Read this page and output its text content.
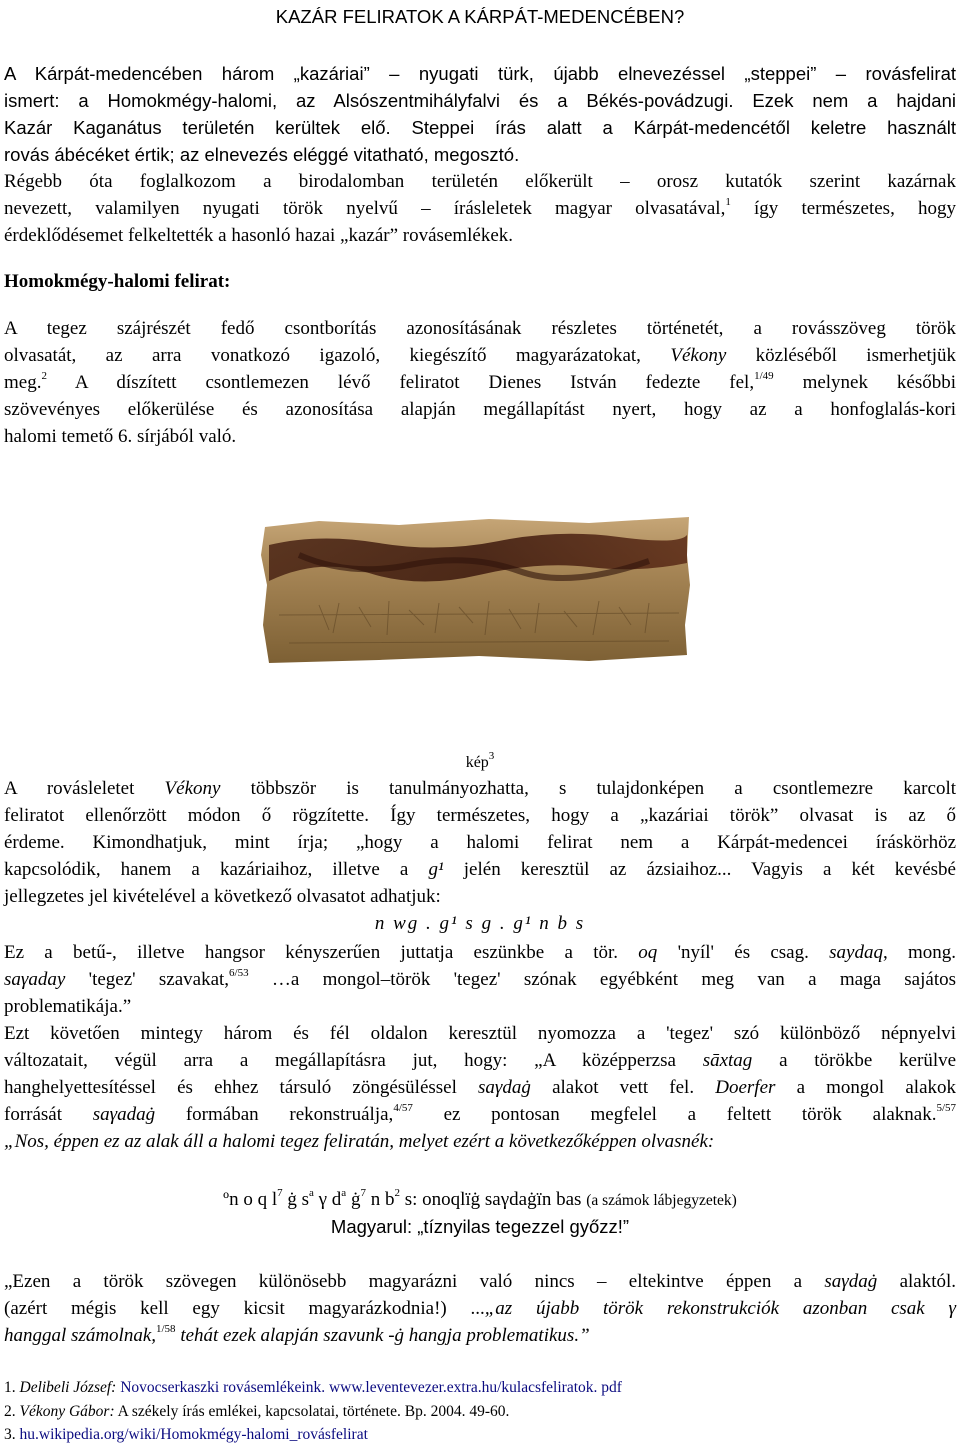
KAZÁR FELIRATOK A KÁRPÁT-MEDENCÉBEN?
A Kárpát-medencében három „kazáriai” – nyugati türk, újabb elnevezéssel „steppei” – rovásfelirat
ismert: a Homokmégy-halomi, az Alsószentmihályfalvi és a Békés-povádzugi. Ezek nem a hajdani
Kazár Kaganátus területén kerültek elő. Steppei írás alatt a Kárpát-medencétől keletre használt
rovás ábécéket értik; az elnevezés eléggé vitatható, megosztó.
Régebb óta foglalkozom a birodalomban területén előkerült – orosz kutatók szerint kazárnak
nevezett, valamilyen nyugati török nyelvű – írásleletek magyar olvasatával,$^1$ így természetes, hogy
érdeklődésemet felkeltették a hasonló hazai „kazár” rovásemlékek.
Homokmégy-halomi felirat:
A tegez szájrészét fedő csontborítás azonosításának részletes történetét, a rovásszöveg török
olvasatát, az arra vonatkozó igazoló, kiegészítő magyarázatokat, Vékony közléséből ismerhetjük
meg.$^2$ A díszített csontlemezen lévő feliratot Dienes István fedezte fel,$^{1/49}$ melynek későbbi
szövevényes előkerülése és azonosítása alapján megállapítást nyert, hogy az a honfoglalás-kori
halomi temető 6. sírjából való.
kép$^3$
A rovásleletet Vékony többször is tanulmányozhatta, s tulajdonképen a csontlemezre karcolt
feliratot ellenőrzött módon ő rögzítette. Így természetes, hogy a „kazáriai török” olvasat is az ő
érdeme. Kimondhatjuk, mint írja; „hogy a halomi felirat nem a Kárpát-medencei íráskörhöz
kapcsolódik, hanem a kazáriaihoz, illetve a g¹ jelén keresztül az ázsiaihoz... Vagyis a két kevésbé
jellegzetes jel kivételével a következő olvasatot adhatjuk:
n wg . g¹ s g . g¹ n b s
Ez a betű-, illetve hangsor kényszerűen juttatja eszünkbe a tör. oq 'nyíl' és csag. saydaq, mong.
saγaday 'tegez' szavakat,$^{6/53}$ …a mongol–török 'tegez' szónak egyébként meg van a maga sajátos
problematikája.”
Ezt követően mintegy három és fél oldalon keresztül nyomozza a 'tegez' szó különböző népnyelvi
változatait, végül arra a megállapításra jut, hogy: „A középperzsa sāxtag a törökbe kerülve
hanghelyettesítéssel és ehhez társuló zöngésüléssel saγdaġ alakot vett fel. Doerfer a mongol alakok
forrását saγadaġ formában rekonstruálja,$^{4/57}$ ez pontosan megfelel a feltett török alaknak.$^{5/57}$
„Nos, éppen ez az alak áll a halomi tegez feliratán, melyet ezért a következőképpen olvasnék:
ºn o q $l^7$ ġ $s^a$ γ $d^a$ $ġ^7$ n $b^2$ s: onoqlïġ saγdaġïn bas (a számok lábjegyzetek)
Magyarul: „tíznyilas tegezzel győzz!”
„Ezen a török szövegen különösebb magyarázni való nincs – eltekintve éppen a saγdaġ alaktól.
(azért mégis kell egy kicsit magyarázkodnia!) ...„az újabb török rekonstrukciók azonban csak γ
hanggal számolnak,$^{1/58}$ tehát ezek alapján szavunk -ġ hangja problematikus.”
1. Delibeli József: Novocserkaszki rovásemlékeink. www.leventevezer.extra.hu/kulacsfeliratok. pdf
2. Vékony Gábor: A székely írás emlékei, kapcsolatai, története. Bp. 2004. 49-60.
3. hu.wikipedia.org/wiki/Homokmégy-halomi_rovásfelirat
